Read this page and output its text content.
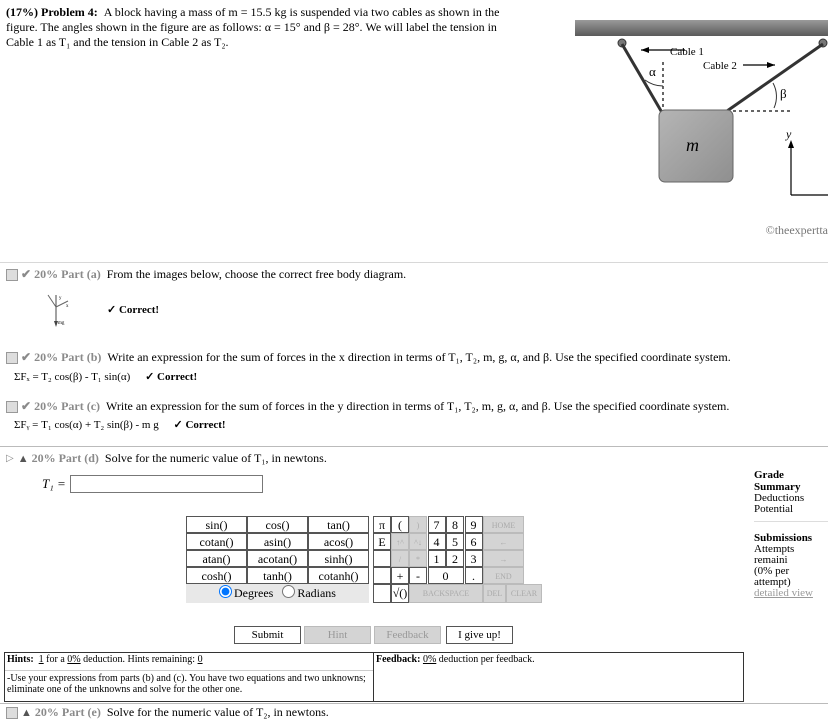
(17%) Problem 4: A block having a mass of m = 15.5 kg is suspended via two cables as shown in the
figure. The angles shown in the figure are as follows: α = 15° and β = 28°. We will label the tension in
Cable 1 as T₁ and the tension in Cable 2 as T₂.
Cable 1
Cable 2
α
β
m
y
©theexpertta
✔ 20% Part (a) From the images below, choose the correct free body diagram.
y
x
mg
✓ Correct!
✔ 20% Part (b) Write an expression for the sum of forces in the x direction in terms of T₁, T₂, m, g, α, and β. Use the specified coordinate system.
ΣFₓ = T₂ cos(β) - T₁ sin(α) ✓ Correct!
✔ 20% Part (c) Write an expression for the sum of forces in the y direction in terms of T₁, T₂, m, g, α, and β. Use the specified coordinate system.
ΣFᵧ = T₁ cos(α) + T₂ sin(β) - m g ✓ Correct!
▷ ▲ 20% Part (d) Solve for the numeric value of T₁, in newtons.
T₁ =
sin()	cos()	tan()		π	(	)	7	8	9	HOME	

cotan()	asin()	acos()		E	↑^	^↓	4	5	6	←	

atan()	acotan()	sinh()			/	*	1	2	3	→	

cosh()	tanh()	cotanh()			+	-	0		.	END	

Degrees Radians					√()	BACKSPACE				DEL	CLEAR
Submit	Hint	Feedback	I give up!
Hints: 1 for a 0% deduction. Hints remaining: 0
-Use your expressions from parts (b) and (c). You have two equations and two unknowns; eliminate one of the unknowns and solve for the other one.
Feedback: 0% deduction per feedback.
Grade Summary
Deductions
Potential
Submissions
Attempts remaini
(0% per attempt)
detailed view
▲ 20% Part (e) Solve for the numeric value of T₂, in newtons.
